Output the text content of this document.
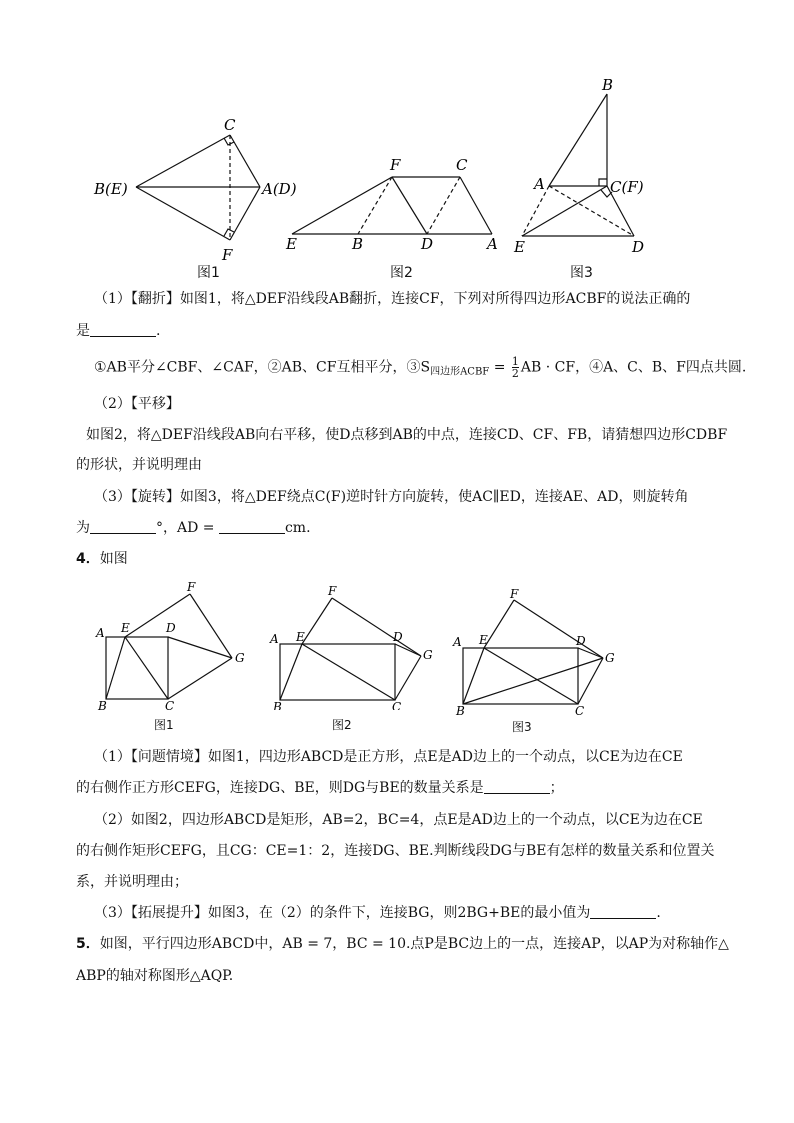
C
B(E)	A(D)
F
图1
F	C
E	B	D	A
图2
B
A	C(F)
E	D
图3
（1）【翻折】如图1，将△DEF沿线段AB翻折，连接CF，下列对所得四边形ACBF的说法正确的
是	.
①AB平分∠CBF、∠CAF，②AB、CF互相平分，$③S_{四边形ACBF} = \frac{1}{2}$ AB · CF，④A、C、B、F四点共圆.
（2）【平移】
如图2，将△DEF沿线段AB向右平移，使D点移到AB的中点，连接CD、CF、FB，请猜想四边形CDBF
的形状，并说明理由
（3）【旋转】如图3，将△DEF绕点C(F)逆时针方向旋转，使AC∥ED，连接AE、AD，则旋转角
为	°，AD =	cm.
4．如图
F
A E	D
G
B	C
图1
F
A E	D
G
B	C
图2
F
A E	D
G
B	C
图3
（1）【问题情境】如图1，四边形ABCD是正方形，点E是AD边上的一个动点，以CE为边在CE
的右侧作正方形CEFG，连接DG、BE，则DG与BE的数量关系是	；
（2）如图2，四边形ABCD是矩形，AB=2，BC=4，点E是AD边上的一个动点，以CE为边在CE
的右侧作矩形CEFG，且CG：CE=1：2，连接DG、BE.判断线段DG与BE有怎样的数量关系和位置关
系，并说明理由；
（3）【拓展提升】如图3，在（2）的条件下，连接BG，则2BG+BE的最小值为	.
5．如图，平行四边形ABCD中，AB = 7，BC = 10.点P是BC边上的一点，连接AP，以AP为对称轴作△
ABP的轴对称图形△AQP.
